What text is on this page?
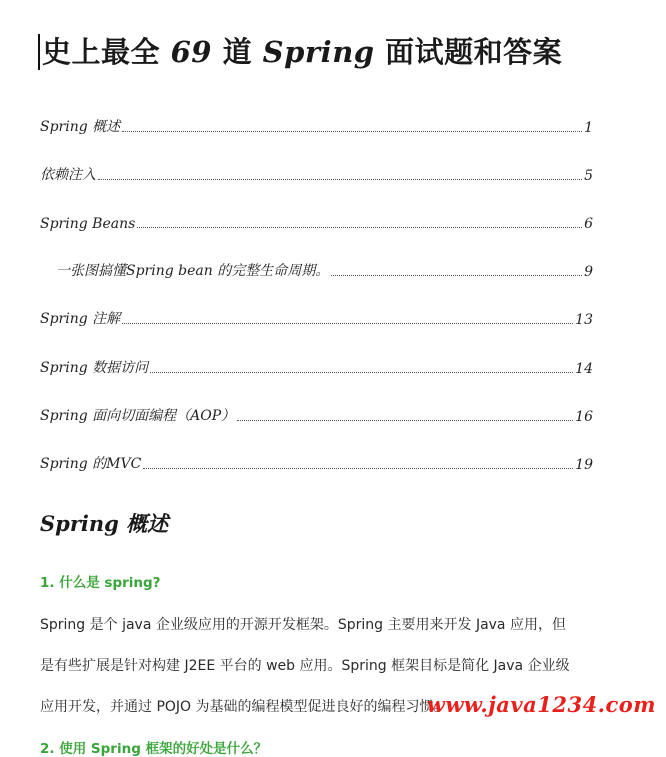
史上最全 69 道 Spring 面试题和答案
Spring 概述	1
依赖注入	5
Spring Beans	6
一张图搞懂Spring bean 的完整生命周期。	9
Spring 注解	13
Spring 数据访问	14
Spring 面向切面编程（AOP）	16
Spring 的MVC	19
Spring 概述
1. 什么是 spring?

Spring 是个 java 企业级应用的开源开发框架。Spring 主要用来开发 Java 应用，但

是有些扩展是针对构建 J2EE 平台的 web 应用。Spring 框架目标是简化 Java 企业级

应用开发，并通过 POJO 为基础的编程模型促进良好的编程习惯。

2. 使用 Spring 框架的好处是什么？
www.java1234.com
